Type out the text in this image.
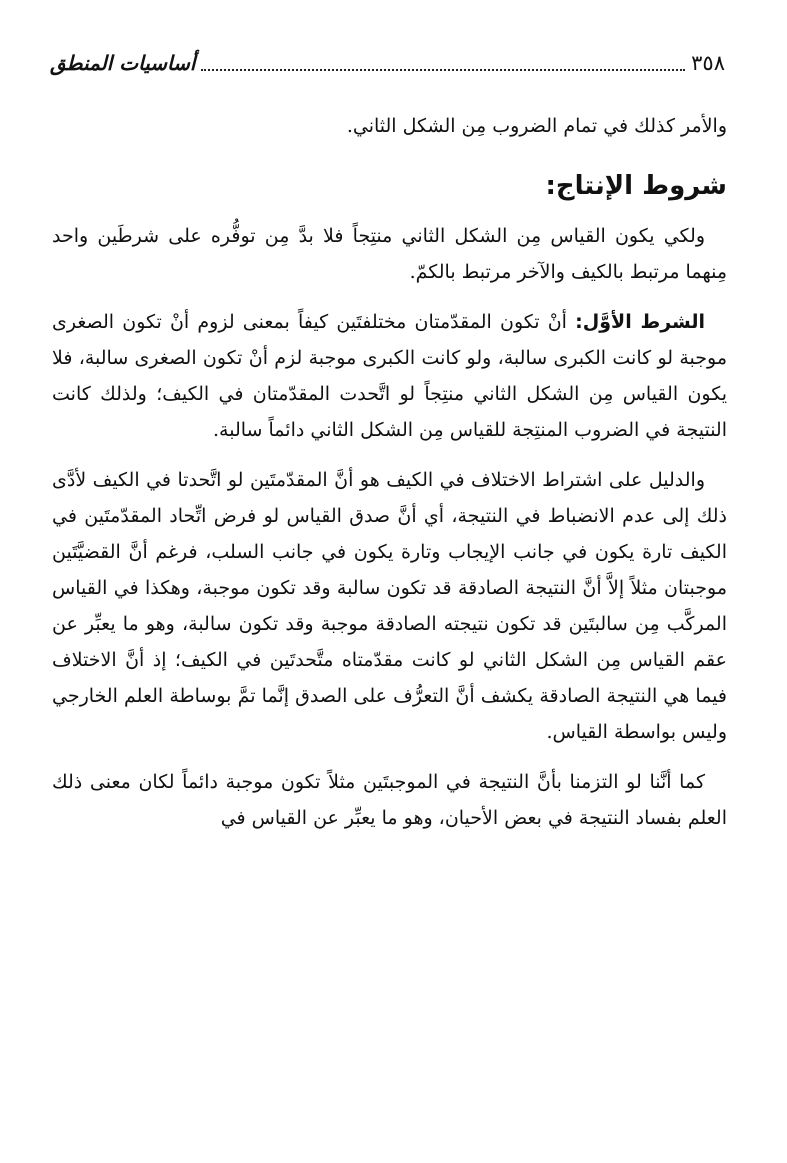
٣٥٨
أساسيات المنطق

والأمر كذلك في تمام الضروب مِن الشكل الثاني.

شروط الإنتاج:

ولكي يكون القياس مِن الشكل الثاني منتِجاً فلا بدَّ مِن توفُّره على شرطَين واحد مِنهما مرتبط بالكيف والآخر مرتبط بالكمّ.

الشرط الأوَّل: أنْ تكون المقدّمتان مختلفتَين كيفاً بمعنى لزوم أنْ تكون الصغرى موجبة لو كانت الكبرى سالبة، ولو كانت الكبرى موجبة لزم أنْ تكون الصغرى سالبة، فلا يكون القياس مِن الشكل الثاني منتِجاً لو اتَّحدت المقدّمتان في الكيف؛ ولذلك كانت النتيجة في الضروب المنتِجة للقياس مِن الشكل الثاني دائماً سالبة.

والدليل على اشتراط الاختلاف في الكيف هو أنَّ المقدّمتَين لو اتَّحدتا في الكيف لأدَّى ذلك إلى عدم الانضباط في النتيجة، أي أنَّ صدق القياس لو فرض اتِّحاد المقدّمتَين في الكيف تارة يكون في جانب الإيجاب وتارة يكون في جانب السلب، فرغم أنَّ القضيَّتَين موجبتان مثلاً إلاَّ أنَّ النتيجة الصادقة قد تكون سالبة وقد تكون موجبة، وهكذا في القياس المركَّب مِن سالبتَين قد تكون نتيجته الصادقة موجبة وقد تكون سالبة، وهو ما يعبِّر عن عقم القياس مِن الشكل الثاني لو كانت مقدّمتاه متَّحدتَين في الكيف؛ إذ أنَّ الاختلاف فيما هي النتيجة الصادقة يكشف أنَّ التعرُّف على الصدق إنَّما تمَّ بوساطة العلم الخارجي وليس بواسطة القياس.

كما أنَّنا لو التزمنا بأنَّ النتيجة في الموجبتَين مثلاً تكون موجبة دائماً لكان معنى ذلك العلم بفساد النتيجة في بعض الأحيان، وهو ما يعبِّر عن القياس في
